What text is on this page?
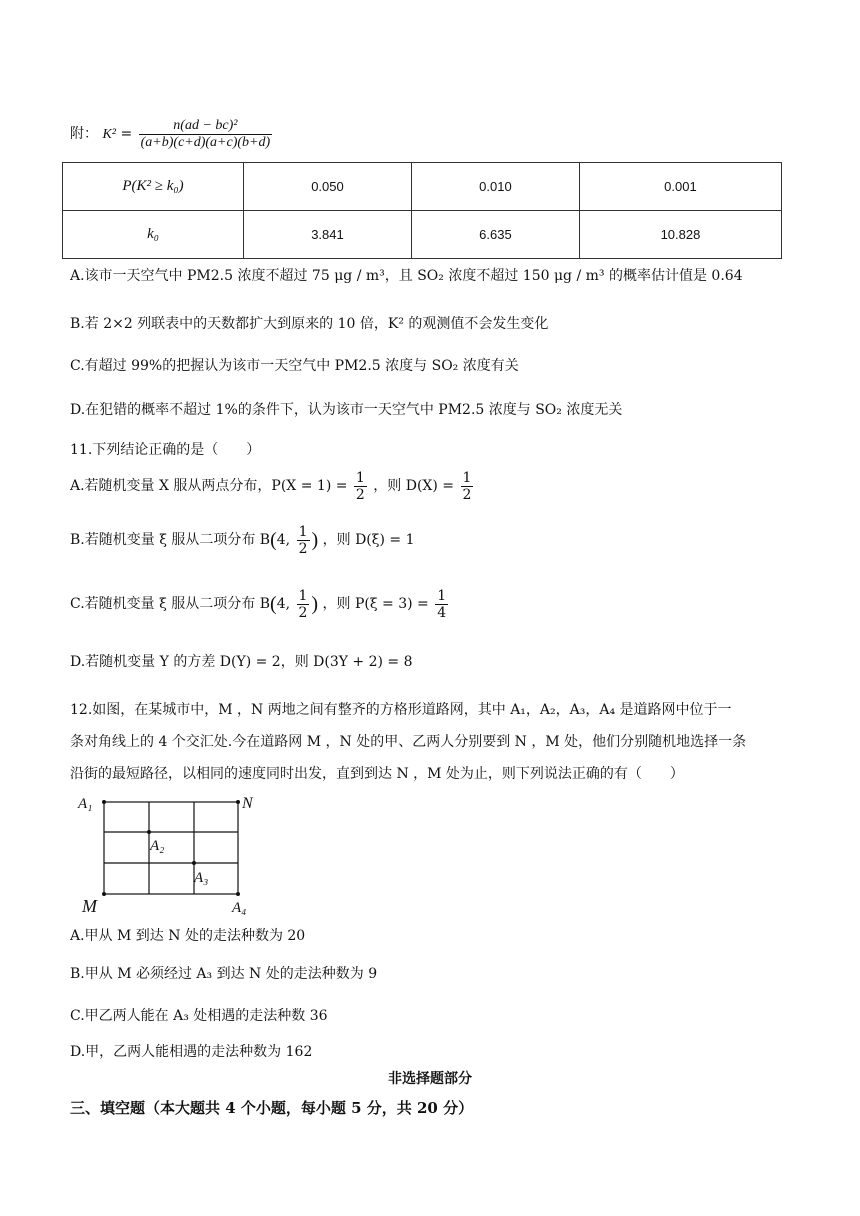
附： $K^2 = \frac{\text{n(ad − bc)²}}{(a+b)(c+d)(a+c)(b+d)}$
P(K² ≥ k₀)	0.050	0.010	0.001
k₀	3.841	6.635	10.828
A.该市一天空气中 PM2.5 浓度不超过 75 μg / m³，且 SO₂ 浓度不超过 150 μg / m³ 的概率估计值是 0.64
B.若 2×2 列联表中的天数都扩大到原来的 10 倍，K² 的观测值不会发生变化
C.有超过 99%的把握认为该市一天空气中 PM2.5 浓度与 SO₂ 浓度有关
D.在犯错的概率不超过 1%的条件下，认为该市一天空气中 PM2.5 浓度与 SO₂ 浓度无关
11.下列结论正确的是（　　）
A.若随机变量 X 服从两点分布，$P(X = 1) = \frac{1}{2}$ ，则 $D(X) = \frac{1}{2}$
B.若随机变量 ξ 服从二项分布 B(4, $\frac{1}{2}$ ) ，则 D(ξ) = 1
C.若随机变量 ξ 服从二项分布 B(4, $\frac{1}{2}$ ) ，则 $P(\xi = 3) = \frac{1}{4}$
D.若随机变量 Y 的方差 D(Y) = 2，则 D(3Y + 2) = 8
12.如图，在某城市中，M ，N 两地之间有整齐的方格形道路网，其中 A₁，A₂，A₃，A₄ 是道路网中位于一
条对角线上的 4 个交汇处.今在道路网 M ，N 处的甲、乙两人分别要到 N ，M 处，他们分别随机地选择一条
沿街的最短路径，以相同的速度同时出发，直到到达 N ，M 处为止，则下列说法正确的有（　　）
A₁
A₂
A₃
A₄
M
N
A.甲从 M 到达 N 处的走法种数为 20
B.甲从 M 必须经过 A₃ 到达 N 处的走法种数为 9
C.甲乙两人能在 A₃ 处相遇的走法种数 36
D.甲，乙两人能相遇的走法种数为 162
非选择题部分
三、填空题（本大题共 4 个小题，每小题 5 分，共 20 分）
